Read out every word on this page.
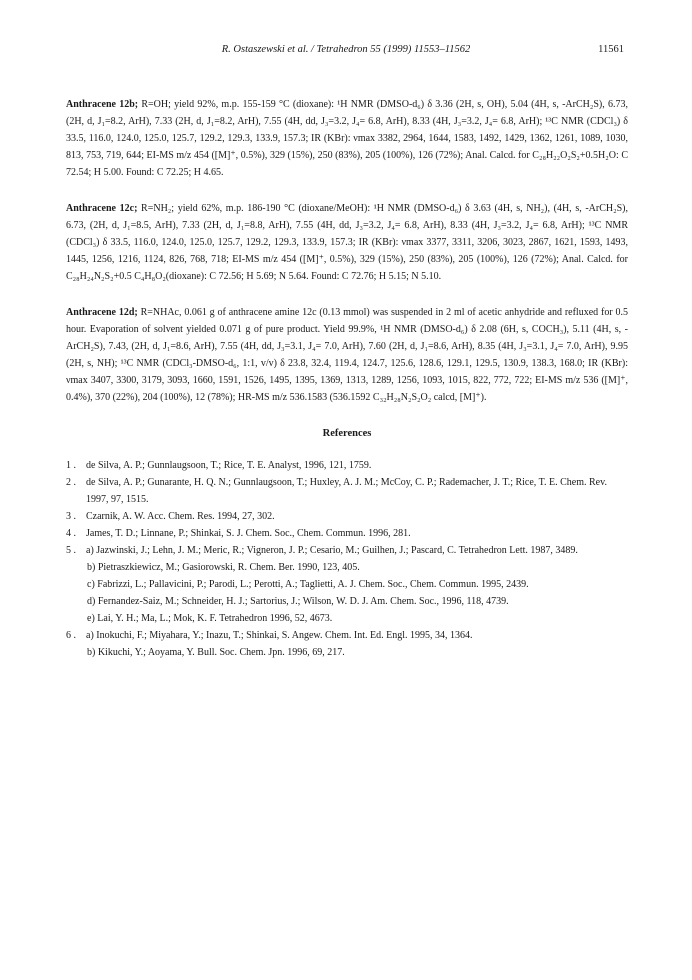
R. Ostaszewski et al. / Tetrahedron 55 (1999) 11553–11562	11561

Anthracene 12b; R=OH; yield 92%, m.p. 155-159 °C (dioxane): ¹H NMR (DMSO-d₆) δ 3.36 (2H, s, OH), 5.04 (4H, s, -ArCH₂S), 6.73, (2H, d, J₁=8.2, ArH), 7.33 (2H, d, J₁=8.2, ArH), 7.55 (4H, dd, J₃=3.2, J₄= 6.8, ArH), 8.33 (4H, J₃=3.2, J₄= 6.8, ArH); ¹³C NMR (CDCl₃) δ 33.5, 116.0, 124.0, 125.0, 125.7, 129.2, 129.3, 133.9, 157.3; IR (KBr): νmax 3382, 2964, 1644, 1583, 1492, 1429, 1362, 1261, 1089, 1030, 813, 753, 719, 644; EI-MS m/z 454 ([M]⁺, 0.5%), 329 (15%), 250 (83%), 205 (100%), 126 (72%); Anal. Calcd. for C₂₈H₂₂O₂S₂+0.5H₂O: C 72.54; H 5.00. Found: C 72.25; H 4.65.

Anthracene 12c; R=NH₂; yield 62%, m.p. 186-190 °C (dioxane/MeOH): ¹H NMR (DMSO-d₆) δ 3.63 (4H, s, NH₂), (4H, s, -ArCH₂S), 6.73, (2H, d, J₁=8.5, ArH), 7.33 (2H, d, J₁=8.8, ArH), 7.55 (4H, dd, J₃=3.2, J₄= 6.8, ArH), 8.33 (4H, J₃=3.2, J₄= 6.8, ArH); ¹³C NMR (CDCl₃) δ 33.5, 116.0, 124.0, 125.0, 125.7, 129.2, 129.3, 133.9, 157.3; IR (KBr): νmax 3377, 3311, 3206, 3023, 2867, 1621, 1593, 1493, 1445, 1256, 1216, 1124, 826, 768, 718; EI-MS m/z 454 ([M]⁺, 0.5%), 329 (15%), 250 (83%), 205 (100%), 126 (72%); Anal. Calcd. for C₂₈H₂₄N₂S₂+0.5 C₄H₈O₂(dioxane): C 72.56; H 5.69; N 5.64. Found: C 72.76; H 5.15; N 5.10.

Anthracene 12d; R=NHAc, 0.061 g of anthracene amine 12c (0.13 mmol) was suspended in 2 ml of acetic anhydride and refluxed for 0.5 hour. Evaporation of solvent yielded 0.071 g of pure product. Yield 99.9%, ¹H NMR (DMSO-d₆) δ 2.08 (6H, s, COCH₃), 5.11 (4H, s, -ArCH₂S), 7.43, (2H, d, J₁=8.6, ArH), 7.55 (4H, dd, J₃=3.1, J₄= 7.0, ArH), 7.60 (2H, d, J₁=8.6, ArH), 8.35 (4H, J₃=3.1, J₄= 7.0, ArH), 9.95 (2H, s, NH); ¹³C NMR (CDCl₃-DMSO-d₆, 1:1, v/v) δ 23.8, 32.4, 119.4, 124.7, 125.6, 128.6, 129.1, 129.5, 130.9, 138.3, 168.0; IR (KBr): νmax 3407, 3300, 3179, 3093, 1660, 1591, 1526, 1495, 1395, 1369, 1313, 1289, 1256, 1093, 1015, 822, 772, 722; EI-MS m/z 536 ([M]⁺, 0.4%), 370 (22%), 204 (100%), 12 (78%); HR-MS m/z 536.1583 (536.1592 C₃₂H₂₈N₂S₂O₂ calcd, [M]⁺).

References

1 . de Silva, A. P.; Gunnlaugsoon, T.; Rice, T. E. Analyst, 1996, 121, 1759.

2 . de Silva, A. P.; Gunarante, H. Q. N.; Gunnlaugsoon, T.; Huxley, A. J. M.; McCoy, C. P.; Rademacher, J. T.; Rice, T. E. Chem. Rev. 1997, 97, 1515.

3 . Czarnik, A. W. Acc. Chem. Res. 1994, 27, 302.

4 . James, T. D.; Linnane, P.; Shinkai, S. J. Chem. Soc., Chem. Commun. 1996, 281.

5 . a) Jazwinski, J.; Lehn, J. M.; Meric, R.; Vigneron, J. P.; Cesario, M.; Guilhen, J.; Pascard, C. Tetrahedron Lett. 1987, 3489.

b) Pietraszkiewicz, M.; Gasiorowski, R. Chem. Ber. 1990, 123, 405.

c) Fabrizzi, L.; Pallavicini, P.; Parodi, L.; Perotti, A.; Taglietti, A. J. Chem. Soc., Chem. Commun. 1995, 2439.

d) Fernandez-Saiz, M.; Schneider, H. J.; Sartorius, J.; Wilson, W. D. J. Am. Chem. Soc., 1996, 118, 4739.

e) Lai, Y. H.; Ma, L.; Mok, K. F. Tetrahedron 1996, 52, 4673.

6 . a) Inokuchi, F.; Miyahara, Y.; Inazu, T.; Shinkai, S. Angew. Chem. Int. Ed. Engl. 1995, 34, 1364.

b) Kikuchi, Y.; Aoyama, Y. Bull. Soc. Chem. Jpn. 1996, 69, 217.
